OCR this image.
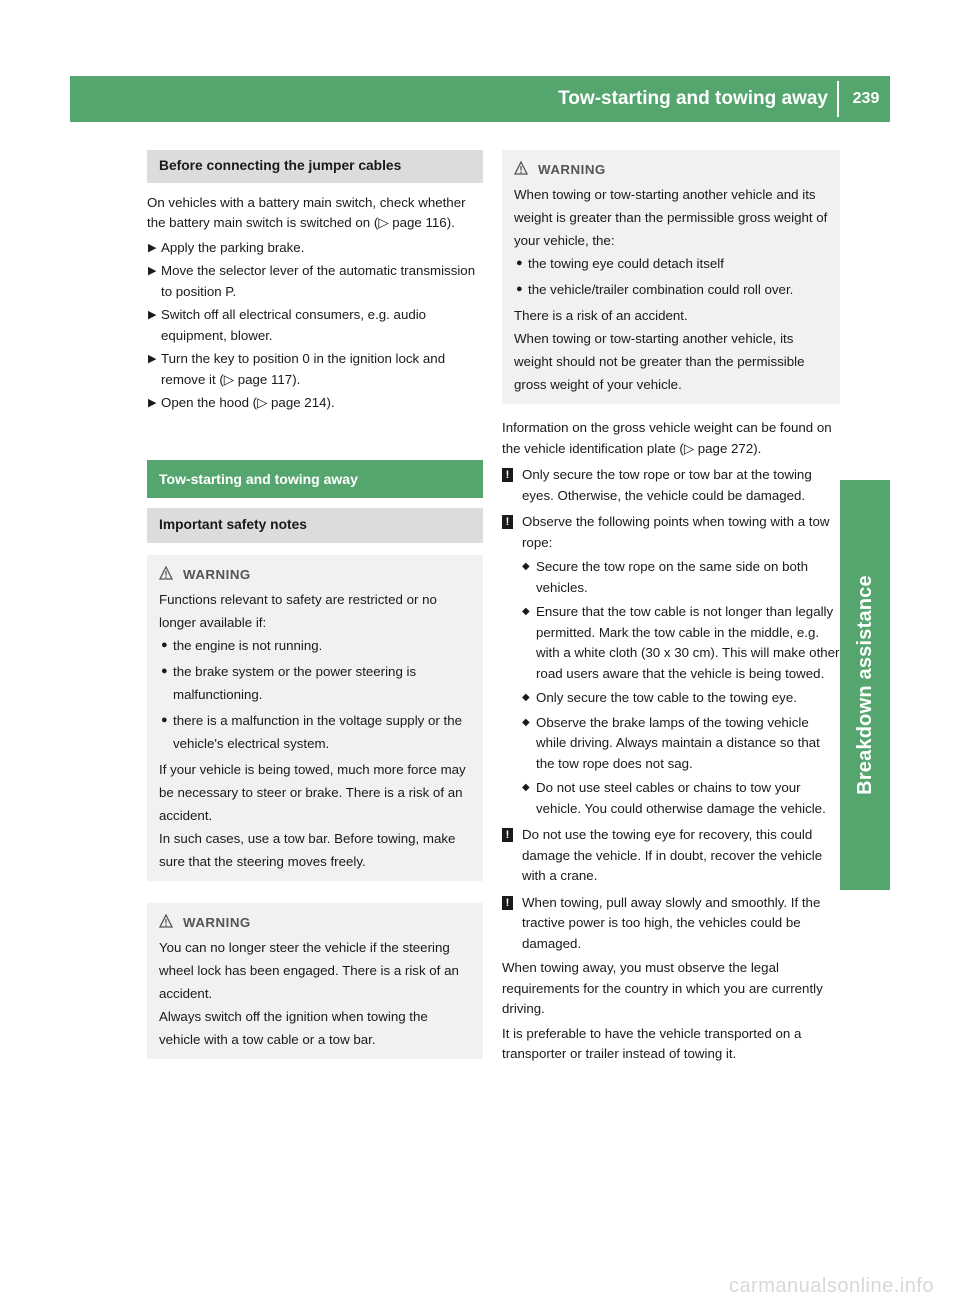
Tow-starting and towing away	239
Breakdown assistance
Before connecting the jumper cables

On vehicles with a battery main switch, check whether the battery main switch is switched on (▷ page 116).

▶ Apply the parking brake.
▶ Move the selector lever of the automatic transmission to position P.
▶ Switch off all electrical consumers, e.g. audio equipment, blower.
▶ Turn the key to position 0 in the ignition lock and remove it (▷ page 117).
▶ Open the hood (▷ page 214).
Tow-starting and towing away
Important safety notes
WARNING

Functions relevant to safety are restricted or no longer available if:

● the engine is not running.
● the brake system or the power steering is malfunctioning.
● there is a malfunction in the voltage supply or the vehicle's electrical system.

If your vehicle is being towed, much more force may be necessary to steer or brake. There is a risk of an accident.

In such cases, use a tow bar. Before towing, make sure that the steering moves freely.

WARNING

You can no longer steer the vehicle if the steering wheel lock has been engaged. There is a risk of an accident.

Always switch off the ignition when towing the vehicle with a tow cable or a tow bar.

WARNING

When towing or tow-starting another vehicle and its weight is greater than the permissible gross weight of your vehicle, the:

● the towing eye could detach itself
● the vehicle/trailer combination could roll over.

There is a risk of an accident.

When towing or tow-starting another vehicle, its weight should not be greater than the permissible gross weight of your vehicle.

Information on the gross vehicle weight can be found on the vehicle identification plate (▷ page 272).

! Only secure the tow rope or tow bar at the towing eyes. Otherwise, the vehicle could be damaged.
! Observe the following points when towing with a tow rope:
◆ Secure the tow rope on the same side on both vehicles.
◆ Ensure that the tow cable is not longer than legally permitted. Mark the tow cable in the middle, e.g. with a white cloth (30 x 30 cm). This will make other road users aware that the vehicle is being towed.
◆ Only secure the tow cable to the towing eye.
◆ Observe the brake lamps of the towing vehicle while driving. Always maintain a distance so that the tow rope does not sag.
◆ Do not use steel cables or chains to tow your vehicle. You could otherwise damage the vehicle.
! Do not use the towing eye for recovery, this could damage the vehicle. If in doubt, recover the vehicle with a crane.
! When towing, pull away slowly and smoothly. If the tractive power is too high, the vehicles could be damaged.

When towing away, you must observe the legal requirements for the country in which you are currently driving.

It is preferable to have the vehicle transported on a transporter or trailer instead of towing it.

carmanualsonline.info
